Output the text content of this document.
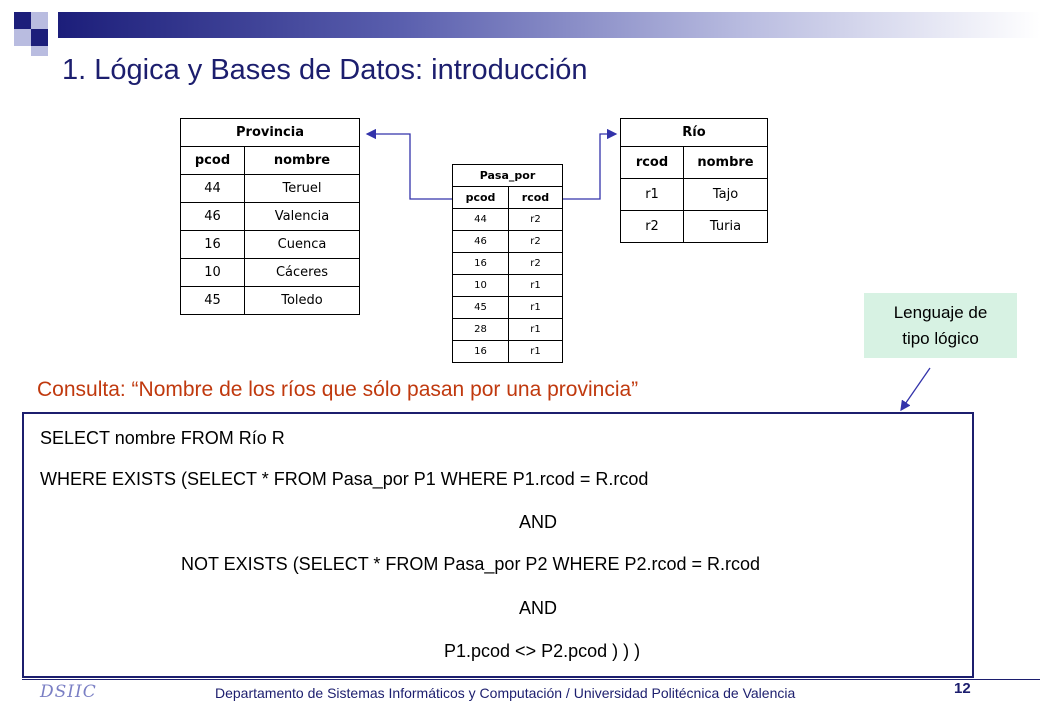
1. Lógica y Bases de Datos: introducción
Provincia	
pcod	nombre
44	Teruel
46	Valencia
16	Cuenca
10	Cáceres
45	Toledo
Pasa_por	
pcod	rcod
44	r2
46	r2
16	r2
10	r1
45	r1
28	r1
16	r1
Río	
rcod	nombre
r1	Tajo
r2	Turia
Lenguaje de
tipo lógico
Consulta: “Nombre de los ríos que sólo pasan por una provincia”
SELECT nombre FROM Río R
WHERE EXISTS (SELECT * FROM Pasa_por P1 WHERE P1.rcod = R.rcod
AND
NOT EXISTS (SELECT * FROM Pasa_por P2 WHERE P2.rcod = R.rcod
AND
P1.pcod <> P2.pcod ) ) )
DSIIC	Departamento de Sistemas Informáticos y Computación / Universidad Politécnica de Valencia	12
